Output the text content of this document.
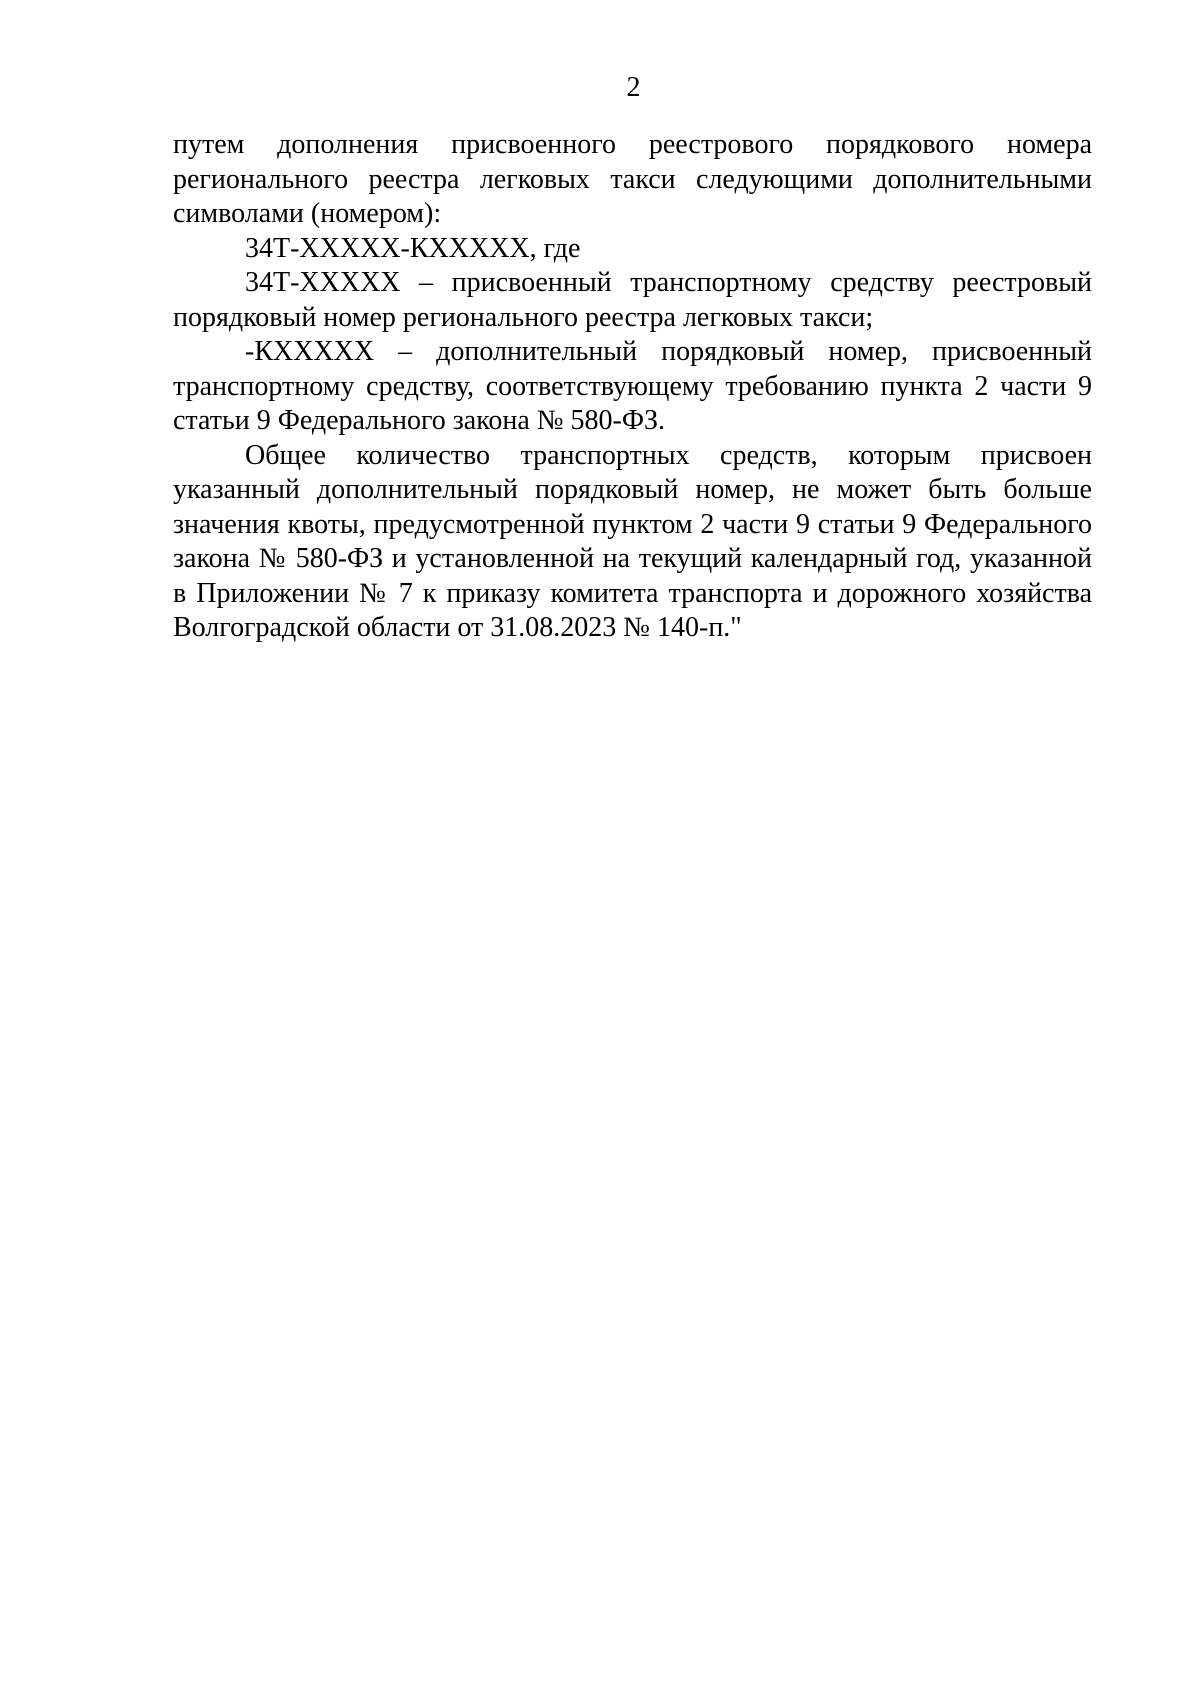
2

путем дополнения присвоенного реестрового порядкового номера регионального реестра легковых такси следующими дополнительными символами (номером):

34Т-ХХХХХ-КХХХХХ, где

34Т-ХХХХХ – присвоенный транспортному средству реестровый порядковый номер регионального реестра легковых такси;

-КХХХХХ – дополнительный порядковый номер, присвоенный транспортному средству, соответствующему требованию пункта 2 части 9 статьи 9 Федерального закона № 580-ФЗ.

Общее количество транспортных средств, которым присвоен указанный дополнительный порядковый номер, не может быть больше значения квоты, предусмотренной пунктом 2 части 9 статьи 9 Федерального закона № 580-ФЗ и установленной на текущий календарный год, указанной в Приложении № 7 к приказу комитета транспорта и дорожного хозяйства Волгоградской области от 31.08.2023 № 140-п."
